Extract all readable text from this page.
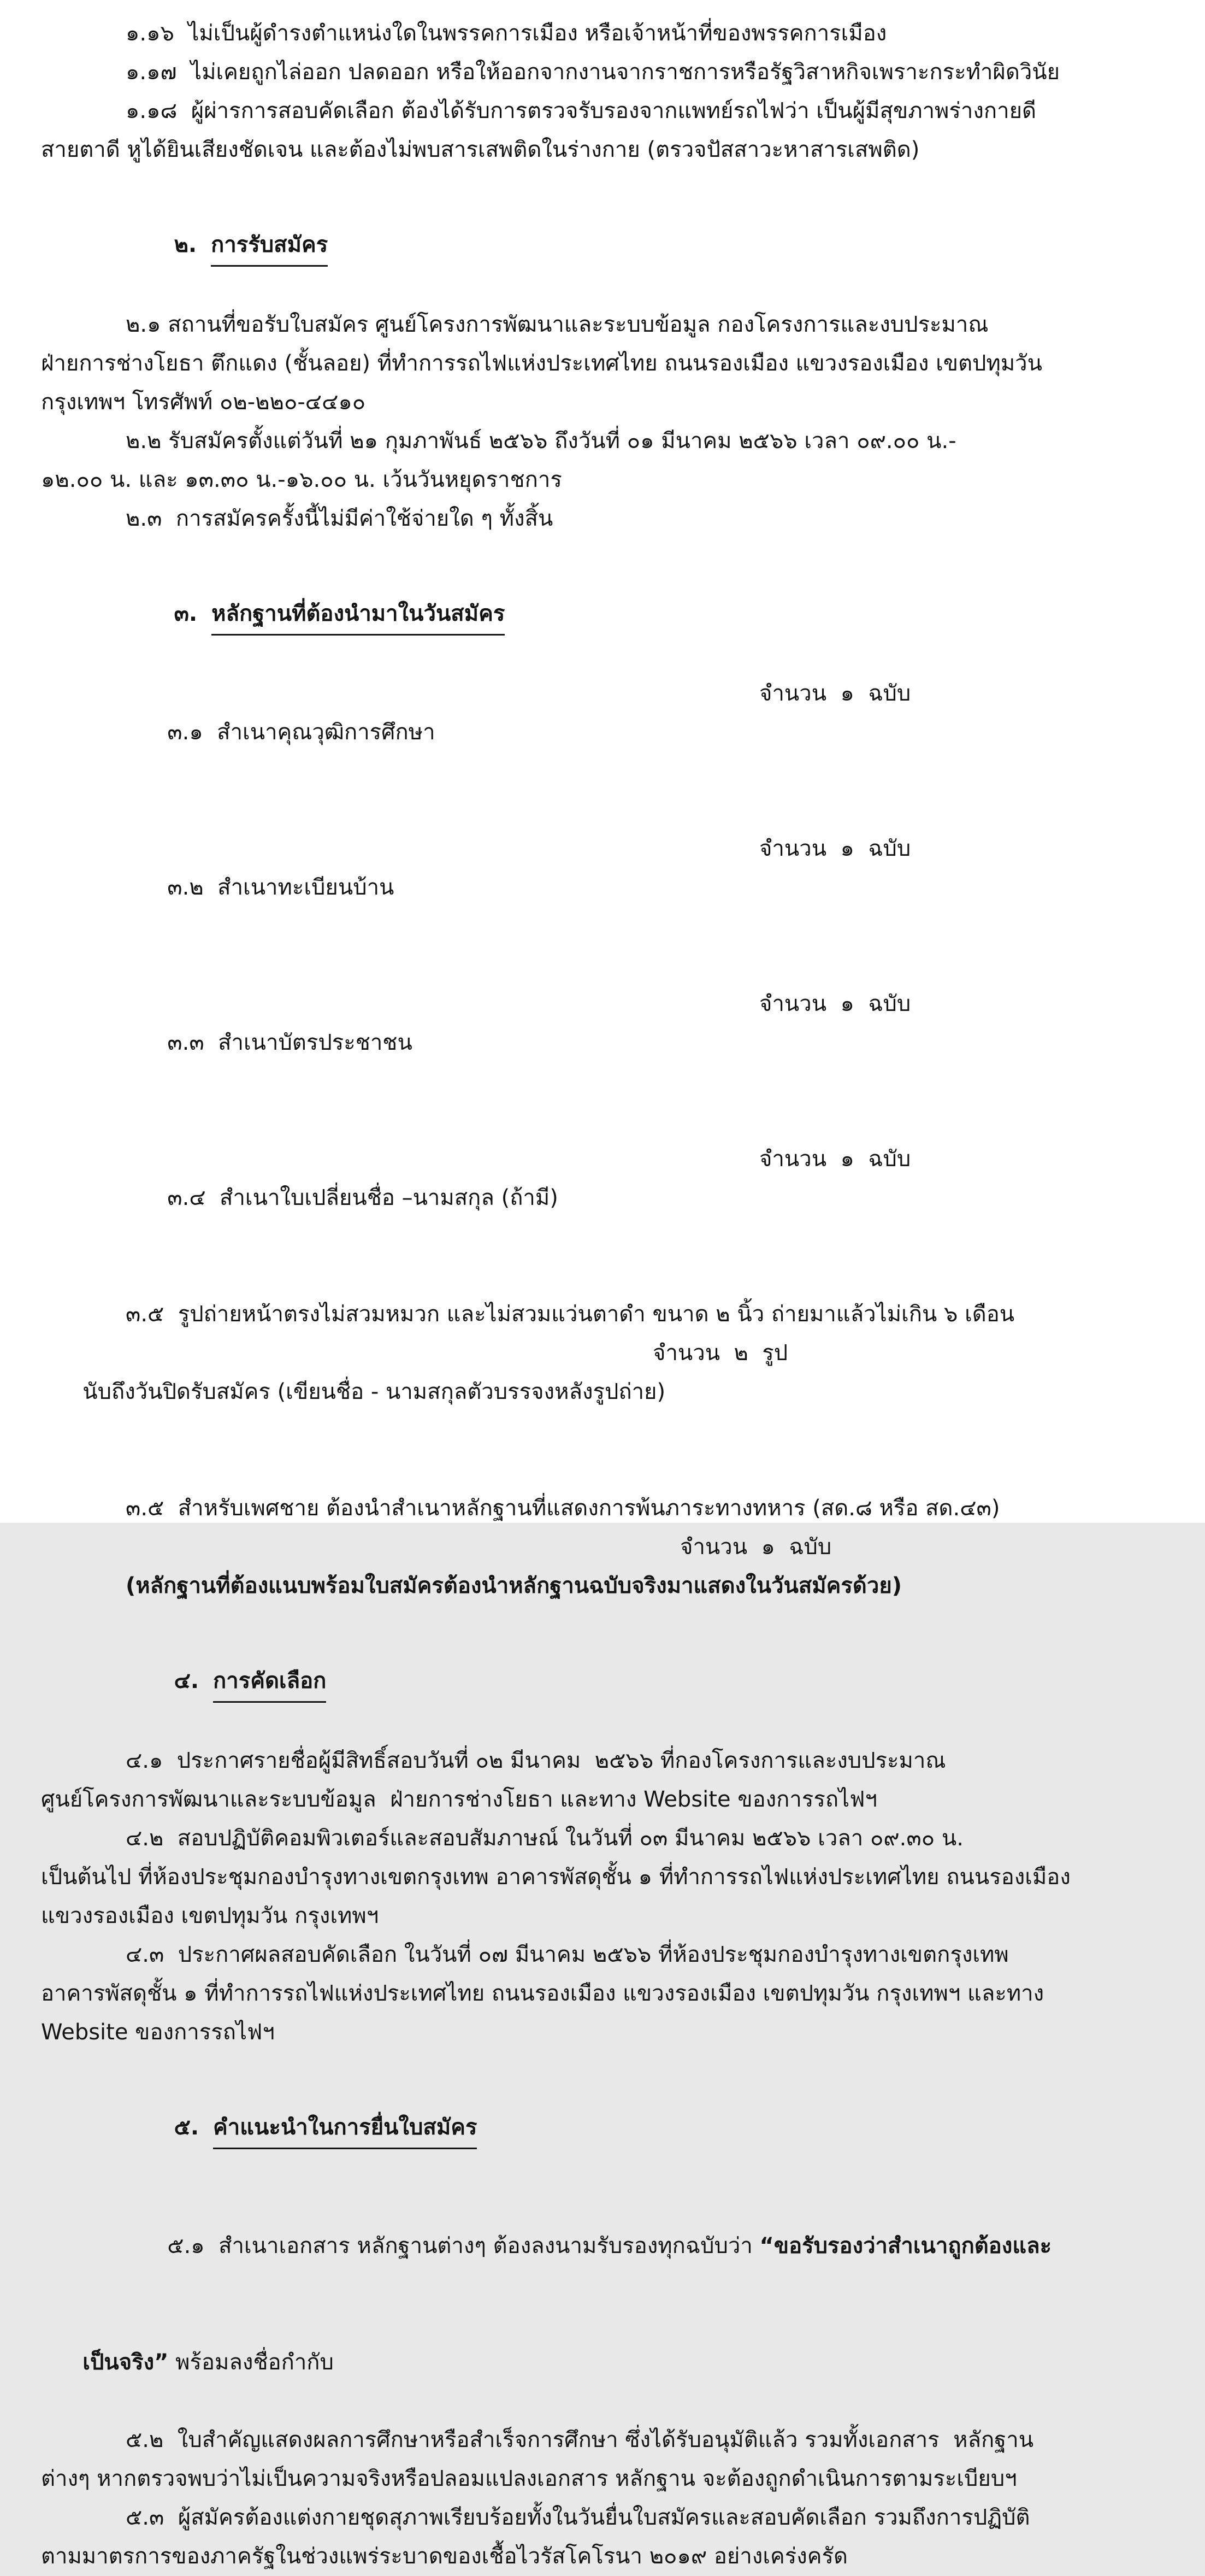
๑.๑๖  ไม่เป็นผู้ดำรงตำแหน่งใดในพรรคการเมือง หรือเจ้าหน้าที่ของพรรคการเมือง
๑.๑๗  ไม่เคยถูกไล่ออก ปลดออก หรือให้ออกจากงานจากราชการหรือรัฐวิสาหกิจเพราะกระทำผิดวินัย
๑.๑๘  ผู้ผ่ารการสอบคัดเลือก ต้องได้รับการตรวจรับรองจากแพทย์รถไฟว่า เป็นผู้มีสุขภาพร่างกายดี
สายตาดี หูได้ยินเสียงชัดเจน และต้องไม่พบสารเสพติดในร่างกาย (ตรวจปัสสาวะหาสารเสพติด)

๒. การรับสมัคร

๒.๑ สถานที่ขอรับใบสมัคร ศูนย์โครงการพัฒนาและระบบข้อมูล กองโครงการและงบประมาณ
ฝ่ายการช่างโยธา ตึกแดง (ชั้นลอย) ที่ทำการรถไฟแห่งประเทศไทย ถนนรองเมือง แขวงรองเมือง เขตปทุมวัน
กรุงเทพฯ โทรศัพท์ ๐๒-๒๒๐-๔๔๑๐
๒.๒ รับสมัครตั้งแต่วันที่ ๒๑ กุมภาพันธ์ ๒๕๖๖ ถึงวันที่ ๐๑ มีนาคม ๒๕๖๖ เวลา ๐๙.๐๐ น.-
๑๒.๐๐ น. และ ๑๓.๓๐ น.-๑๖.๐๐ น. เว้นวันหยุดราชการ
๒.๓  การสมัครครั้งนี้ไม่มีค่าใช้จ่ายใด ๆ ทั้งสิ้น

๓. หลักฐานที่ต้องนำมาในวันสมัคร

๓.๑  สำเนาคุณวุฒิการศึกษา

จำนวน  ๑  ฉบับ

๓.๒  สำเนาทะเบียนบ้าน

จำนวน  ๑  ฉบับ

๓.๓  สำเนาบัตรประชาชน

จำนวน  ๑  ฉบับ

๓.๔  สำเนาใบเปลี่ยนชื่อ –นามสกุล (ถ้ามี)

จำนวน  ๑  ฉบับ

๓.๕  รูปถ่ายหน้าตรงไม่สวมหมวก และไม่สวมแว่นตาดำ ขนาด ๒ นิ้ว ถ่ายมาแล้วไม่เกิน ๖ เดือน

นับถึงวันปิดรับสมัคร (เขียนชื่อ - นามสกุลตัวบรรจงหลังรูปถ่าย)

จำนวน  ๒  รูป

๓.๕  สำหรับเพศชาย ต้องนำสำเนาหลักฐานที่แสดงการพ้นภาระทางทหาร (สด.๘ หรือ สด.๔๓)
จำนวน  ๑  ฉบับ
(หลักฐานที่ต้องแนบพร้อมใบสมัครต้องนำหลักฐานฉบับจริงมาแสดงในวันสมัครด้วย)

๔. การคัดเลือก

๔.๑  ประกาศรายชื่อผู้มีสิทธิ์สอบวันที่ ๐๒ มีนาคม  ๒๕๖๖ ที่กองโครงการและงบประมาณ
ศูนย์โครงการพัฒนาและระบบข้อมูล  ฝ่ายการช่างโยธา และทาง Website ของการรถไฟฯ
๔.๒  สอบปฏิบัติคอมพิวเตอร์และสอบสัมภาษณ์ ในวันที่ ๐๓ มีนาคม ๒๕๖๖ เวลา ๐๙.๓๐ น.
เป็นต้นไป ที่ห้องประชุมกองบำรุงทางเขตกรุงเทพ อาคารพัสดุชั้น ๑ ที่ทำการรถไฟแห่งประเทศไทย ถนนรองเมือง
แขวงรองเมือง เขตปทุมวัน กรุงเทพฯ
๔.๓  ประกาศผลสอบคัดเลือก ในวันที่ ๐๗ มีนาคม ๒๕๖๖ ที่ห้องประชุมกองบำรุงทางเขตกรุงเทพ
อาคารพัสดุชั้น ๑ ที่ทำการรถไฟแห่งประเทศไทย ถนนรองเมือง แขวงรองเมือง เขตปทุมวัน กรุงเทพฯ และทาง
Website ของการรถไฟฯ

๕. คำแนะนำในการยื่นใบสมัคร

๕.๑  สำเนาเอกสาร หลักฐานต่างๆ ต้องลงนามรับรองทุกฉบับว่า “ขอรับรองว่าสำเนาถูกต้องและ

เป็นจริง” พร้อมลงชื่อกำกับ

๕.๒  ใบสำคัญแสดงผลการศึกษาหรือสำเร็จการศึกษา ซึ่งได้รับอนุมัติแล้ว รวมทั้งเอกสาร  หลักฐาน
ต่างๆ หากตรวจพบว่าไม่เป็นความจริงหรือปลอมแปลงเอกสาร หลักฐาน จะต้องถูกดำเนินการตามระเบียบฯ
๕.๓  ผู้สมัครต้องแต่งกายชุดสุภาพเรียบร้อยทั้งในวันยื่นใบสมัครและสอบคัดเลือก รวมถึงการปฏิบัติ
ตามมาตรการของภาครัฐในช่วงแพร่ระบาดของเชื้อไวรัสโคโรนา ๒๐๑๙ อย่างเคร่งครัด
